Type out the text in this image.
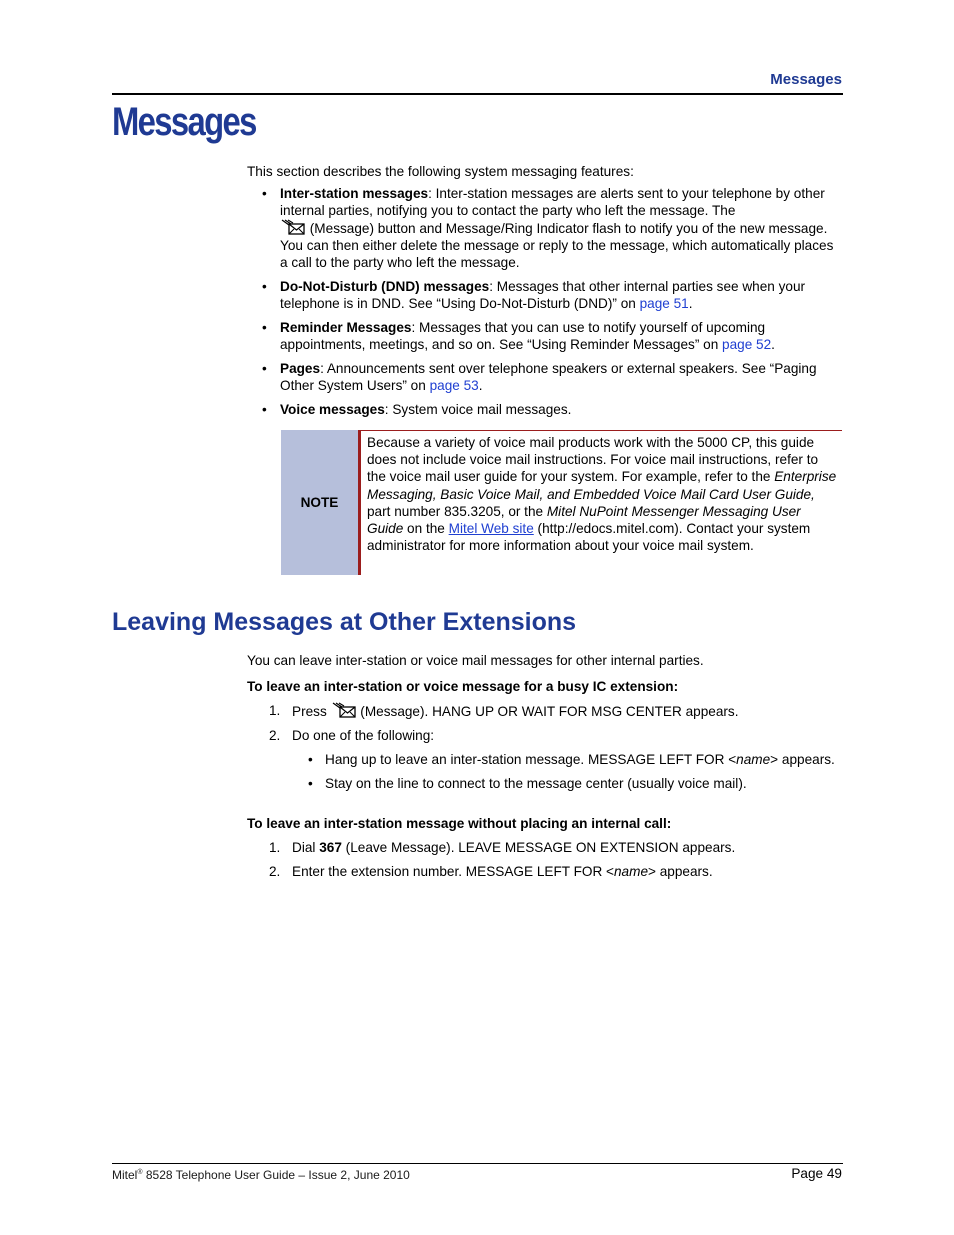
Messages
Messages
This section describes the following system messaging features:
• Inter-station messages: Inter-station messages are alerts sent to your telephone by other internal parties, notifying you to contact the party who left the message. The
(Message) button and Message/Ring Indicator flash to notify you of the new message. You can then either delete the message or reply to the message, which automatically places a call to the party who left the message.
• Do-Not-Disturb (DND) messages: Messages that other internal parties see when your telephone is in DND. See “Using Do-Not-Disturb (DND)” on page 51.
• Reminder Messages: Messages that you can use to notify yourself of upcoming appointments, meetings, and so on. See “Using Reminder Messages” on page 52.
• Pages: Announcements sent over telephone speakers or external speakers. See “Paging Other System Users” on page 53.
• Voice messages: System voice mail messages.
NOTE
Because a variety of voice mail products work with the 5000 CP, this guide does not include voice mail instructions. For voice mail instructions, refer to the voice mail user guide for your system. For example, refer to the Enterprise Messaging, Basic Voice Mail, and Embedded Voice Mail Card User Guide, part number 835.3205, or the Mitel NuPoint Messenger Messaging User Guide on the Mitel Web site (http://edocs.mitel.com). Contact your system administrator for more information about your voice mail system.
Leaving Messages at Other Extensions
You can leave inter-station or voice mail messages for other internal parties.
To leave an inter-station or voice message for a busy IC extension:
1. Press  (Message). HANG UP OR WAIT FOR MSG CENTER appears.
2. Do one of the following:
• Hang up to leave an inter-station message. MESSAGE LEFT FOR <name> appears.
• Stay on the line to connect to the message center (usually voice mail).
To leave an inter-station message without placing an internal call:
1. Dial 367 (Leave Message). LEAVE MESSAGE ON EXTENSION appears.
2. Enter the extension number. MESSAGE LEFT FOR <name> appears.
Mitel® 8528 Telephone User Guide – Issue 2, June 2010	Page 49
